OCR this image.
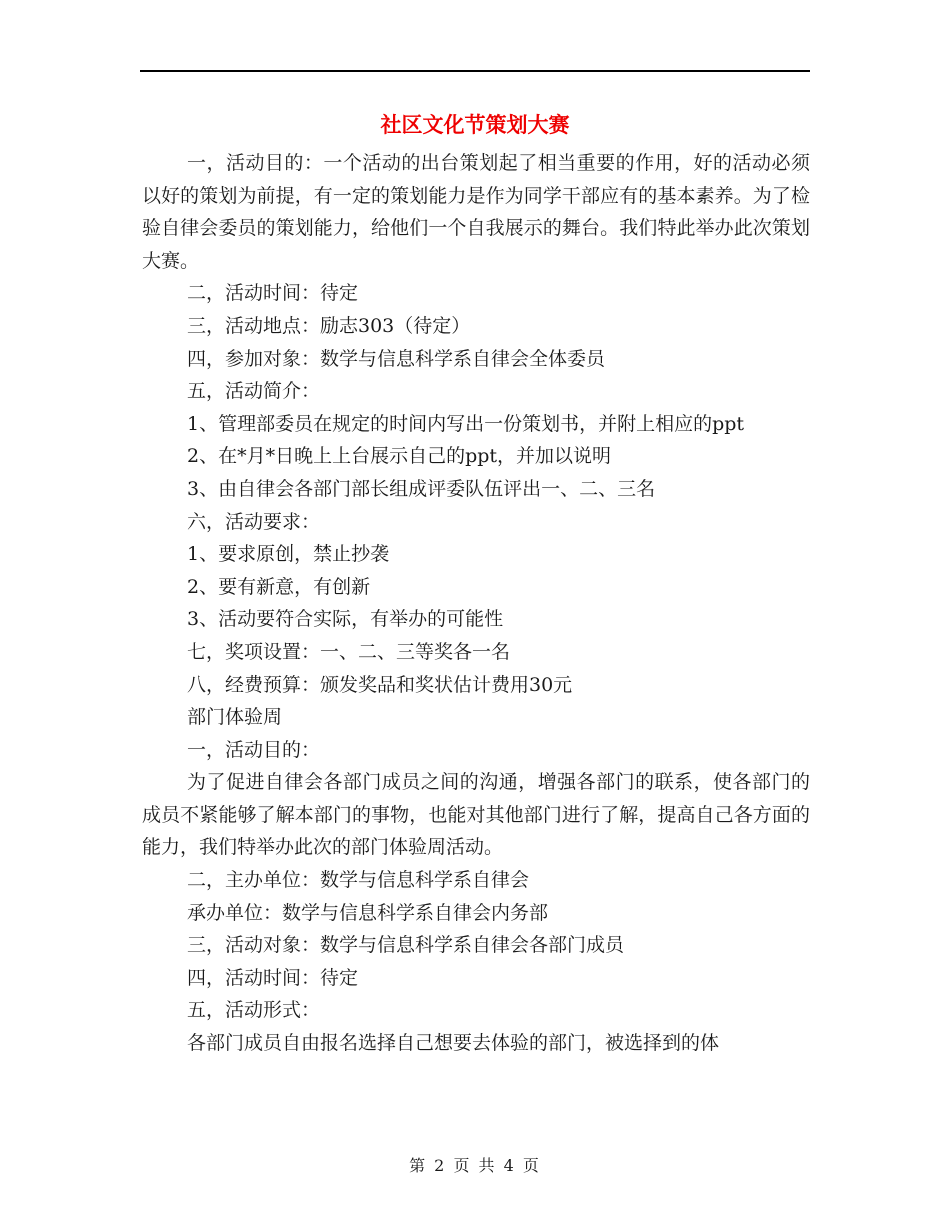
社区文化节策划大赛

一，活动目的：一个活动的出台策划起了相当重要的作用，好的活动必须以好的策划为前提，有一定的策划能力是作为同学干部应有的基本素养。为了检验自律会委员的策划能力，给他们一个自我展示的舞台。我们特此举办此次策划大赛。

二，活动时间：待定

三，活动地点：励志303（待定）

四，参加对象：数学与信息科学系自律会全体委员

五，活动简介：

1、管理部委员在规定的时间内写出一份策划书，并附上相应的ppt

2、在*月*日晚上上台展示自己的ppt，并加以说明

3、由自律会各部门部长组成评委队伍评出一、二、三名

六，活动要求：

1、要求原创，禁止抄袭

2、要有新意，有创新

3、活动要符合实际，有举办的可能性

七，奖项设置：一、二、三等奖各一名

八，经费预算：颁发奖品和奖状估计费用30元

部门体验周

一，活动目的：

为了促进自律会各部门成员之间的沟通，增强各部门的联系，使各部门的成员不紧能够了解本部门的事物，也能对其他部门进行了解，提高自己各方面的能力，我们特举办此次的部门体验周活动。

二，主办单位：数学与信息科学系自律会

承办单位：数学与信息科学系自律会内务部

三，活动对象：数学与信息科学系自律会各部门成员

四，活动时间：待定

五，活动形式：

各部门成员自由报名选择自己想要去体验的部门，被选择到的体

第 2 页 共 4 页
